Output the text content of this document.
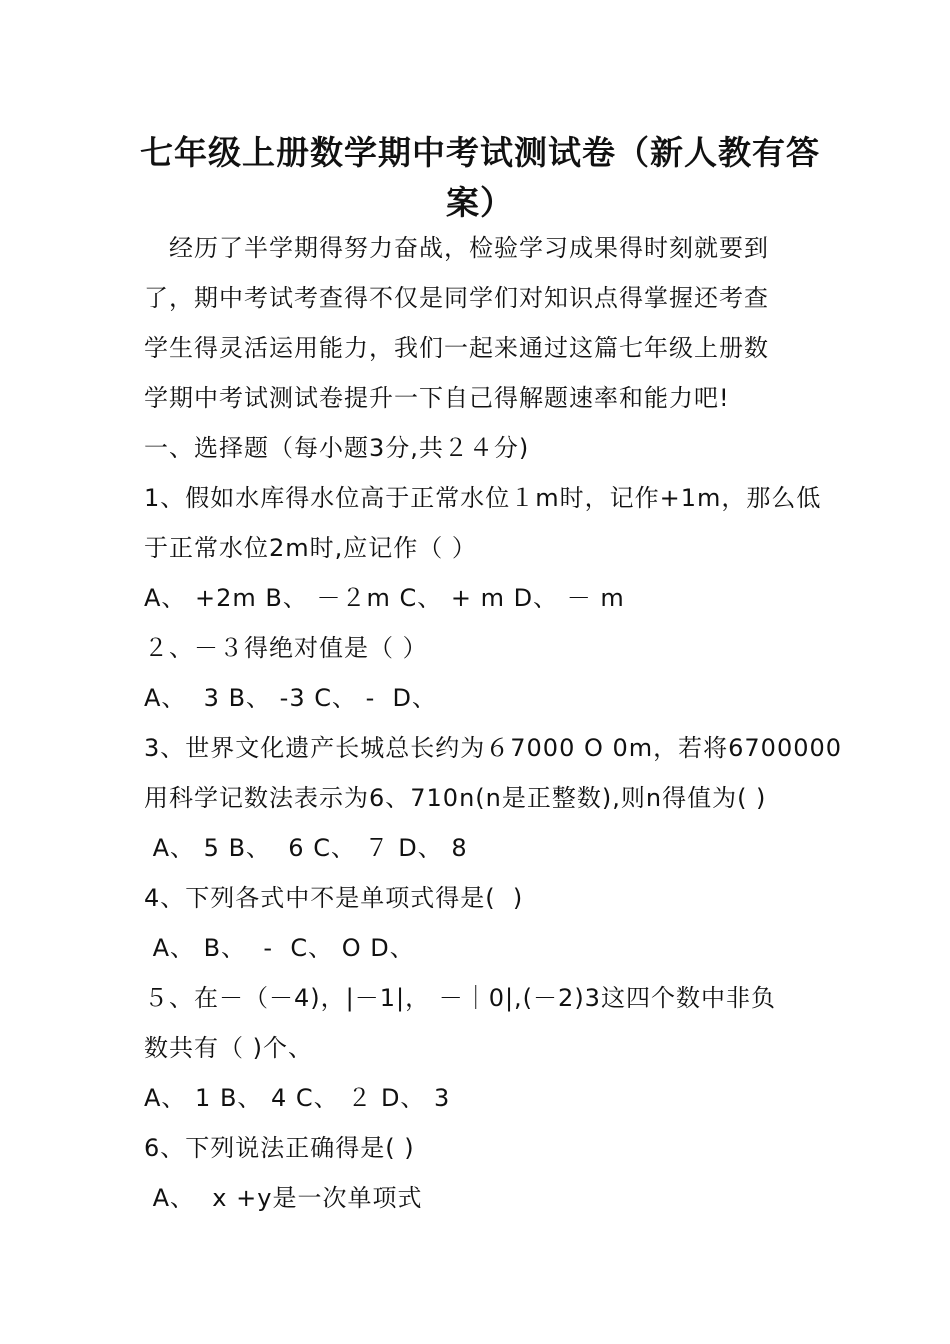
七年级上册数学期中考试测试卷（新人教有答案）
　经历了半学期得努力奋战，检验学习成果得时刻就要到
了，期中考试考查得不仅是同学们对知识点得掌握还考查
学生得灵活运用能力，我们一起来通过这篇七年级上册数
学期中考试测试卷提升一下自己得解题速率和能力吧!
一、选择题（每小题3分,共２４分)
1、假如水库得水位高于正常水位１m时，记作+1m，那么低
于正常水位2m时,应记作（ ）
A、 +2m B、 －２m C、 + m D、 － m
２、－３得绝对值是（ ）
A、  3 B、 -3 C、 -  D、
3、世界文化遗产长城总长约为６7000 O 0m，若将6700000
用科学记数法表示为6、710n(n是正整数),则n得值为( )
A、 5 B、  6 C、 ７ D、 8
4、下列各式中不是单项式得是(  )
A、 B、  -  C、 O D、
５、在－（－4)，|－1|， －｜0|,(－2)3这四个数中非负
数共有（ )个、
A、 1 B、 4 C、 ２ D、 3
6、下列说法正确得是( )
A、  x +y是一次单项式
